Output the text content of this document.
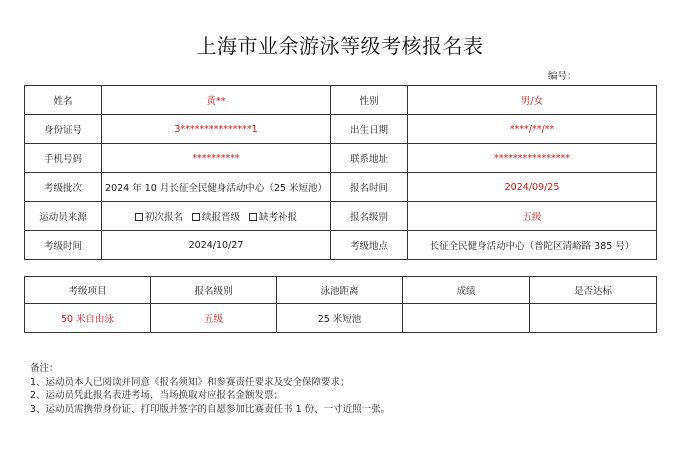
上海市业余游泳等级考核报名表
编号：
姓名	黄**	性别	男/女
身份证号	3***************1	出生日期	****/**/**
手机号码	**********	联系地址	****************
考级批次	2024 年 10 月长征全民健身活动中心（25 米短池）	报名时间	2024/09/25
运动员来源	初次报名 续报晋级 缺考补报	报名级别	五级
考级时间	2024/10/27	考级地点	长征全民健身活动中心（普陀区清峪路 385 号）
考级项目	报名级别	泳池距离	成绩	是否达标
50 米自由泳	五级	25 米短池		
备注：
1、运动员本人已阅读并同意《报名须知》和参赛责任要求及安全保障要求；
2、运动员凭此报名表进考场，当场换取对应报名金额发票；
3、运动员需携带身份证、打印版并签字的自愿参加比赛责任书 1 份、一寸近照一张。
